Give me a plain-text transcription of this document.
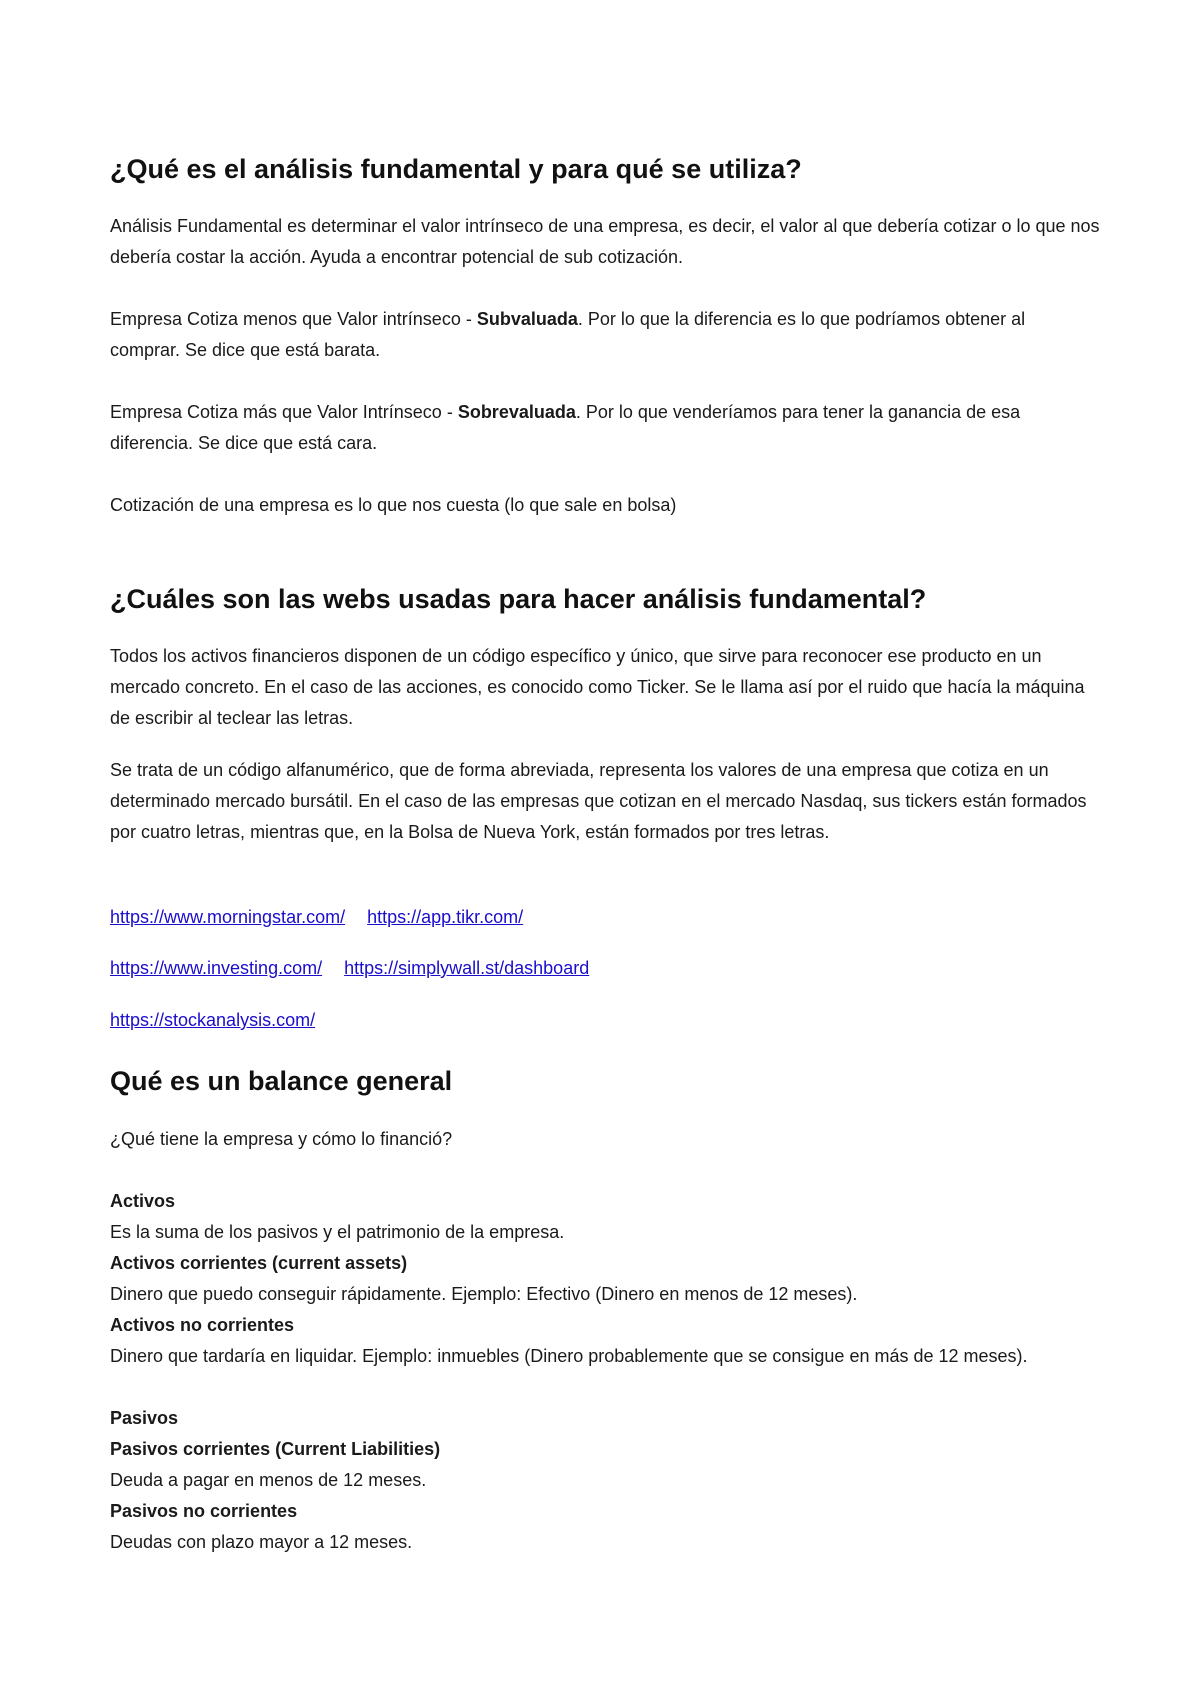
¿Qué es el análisis fundamental y para qué se utiliza?

Análisis Fundamental es determinar el valor intrínseco de una empresa, es decir, el valor al que debería cotizar o lo que nos debería costar la acción. Ayuda a encontrar potencial de sub cotización.

Empresa Cotiza menos que Valor intrínseco - Subvaluada. Por lo que la diferencia es lo que podríamos obtener al comprar. Se dice que está barata.

Empresa Cotiza más que Valor Intrínseco - Sobrevaluada. Por lo que venderíamos para tener la ganancia de esa diferencia. Se dice que está cara.

Cotización de una empresa es lo que nos cuesta (lo que sale en bolsa)

¿Cuáles son las webs usadas para hacer análisis fundamental?

Todos los activos financieros disponen de un código específico y único, que sirve para reconocer ese producto en un mercado concreto. En el caso de las acciones, es conocido como Ticker. Se le llama así por el ruido que hacía la máquina de escribir al teclear las letras.

Se trata de un código alfanumérico, que de forma abreviada, representa los valores de una empresa que cotiza en un determinado mercado bursátil. En el caso de las empresas que cotizan en el mercado Nasdaq, sus tickers están formados por cuatro letras, mientras que, en la Bolsa de Nueva York, están formados por tres letras.

https://www.morningstar.com/ https://app.tikr.com/
https://www.investing.com/ https://simplywall.st/dashboard
https://stockanalysis.com/
Qué es un balance general

¿Qué tiene la empresa y cómo lo financió?

Activos

Es la suma de los pasivos y el patrimonio de la empresa.

Activos corrientes (current assets)

Dinero que puedo conseguir rápidamente. Ejemplo: Efectivo (Dinero en menos de 12 meses).

Activos no corrientes

Dinero que tardaría en liquidar. Ejemplo: inmuebles (Dinero probablemente que se consigue en más de 12 meses).

Pasivos

Pasivos corrientes (Current Liabilities)

Deuda a pagar en menos de 12 meses.

Pasivos no corrientes

Deudas con plazo mayor a 12 meses.
